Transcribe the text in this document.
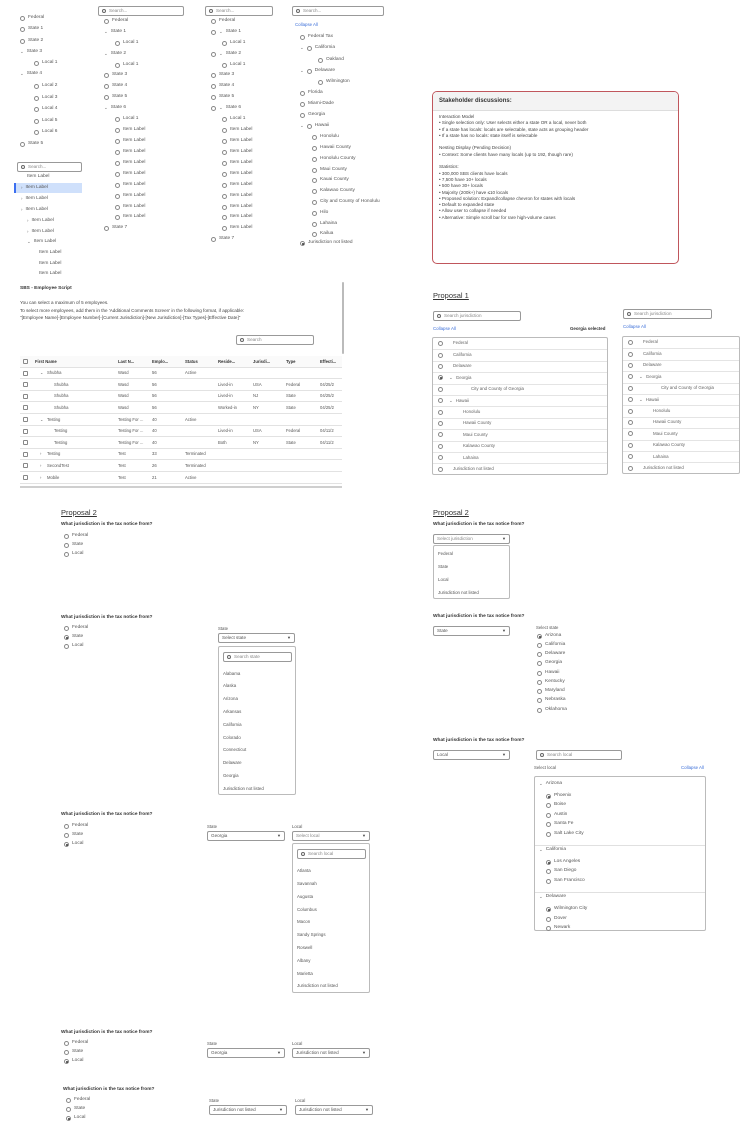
Federal
State 1
State 2
⌄ State 3
Local 1
⌄ State 4
Local 2
Local 3
Local 4
Local 5
Local 6
State 5
Search...
Federal
⌄ State 1
Local 1
⌄ State 2
Local 1
State 3
State 4
State 5
⌄ State 6
Local 1
Item Label
Item Label
Item Label
Item Label
Item Label
Item Label
Item Label
Item Label
Item Label
State 7
Search...
Federal
⌄ State 1
Local 1
⌄ State 2
Local 1
State 3
State 4
State 5
⌄ State 6
Local 1
Item Label
Item Label
Item Label
Item Label
Item Label
Item Label
Item Label
Item Label
Item Label
Item Label
State 7
Search...
Collapse All
Federal Tax
⌄ California
Oakland
⌄ Delaware
Wilmington
Florida
Miami-Dade
Georgia
⌄ Hawaii
Honolulu
Hawaii County
Honolulu County
Maui County
Kauai County
Kalawao County
City and County of Honolulu
Hilo
Lahaina
Kailua
Jurisdiction not listed
Search...
Item Label
› Item Label
› Item Label
› Item Label
› Item Label
› Item Label
⌄ Item Label
Item Label
Item Label
Item Label
Stakeholder discussions:
Interaction Model
• Single selection only: User selects either a state OR a local, never both
• If a state has locals: locals are selectable, state acts as grouping header
• If a state has no locals: state itself is selectable
Nesting Display (Pending Decision)
• Context: Some clients have many locals (up to 192, though rare)
Statistics:
• 300,000 SBS clients have locals
• 7,500 have 10+ locals
• 500 have 30+ locals
• Majority (200k+) have ≤10 locals
• Proposed solution: Expand/collapse chevron for states with locals
• Default to expanded state
• Allow user to collapse if needed
• Alternative: Simple scroll bar for rare high-volume cases
SBS - Employee Script
You can select a maximum of 5 employees.
To select more employees, add them in the 'Additional Comments Screen' in the following format, if applicable:
"[Employee Name]-[Employee Number]-[Current Jurisdiction]-[New Jurisdiction]-[Tax Types]-[Effective Date]"
Search
First Name	Last N...	Emplo...	Status	Reside...	Jurisdi...	Type	Effecti...
⌄ Shubha	Wasd	56	Active
Shubha	Wasd	56	Lived-in	USA	Federal	04/25/2
Shubha	Wasd	56	Lived-in	NJ	State	04/25/2
Shubha	Wasd	56	Worked-in	NY	State	04/25/2
⌄ Testing	Testing For ... 40	Active
Testing	Testing For ... 40	Lived-in	USA	Federal	04/11/2
Testing	Testing For ... 40	Both	NY	State	04/11/2
› Testing	Test	33	Terminated
› SecondTest	Test	26	Terminated
› Mobile	Test	21	Active
Proposal 1
Search jurisdiction
Collapse All	Georgia selected
Federal
California
Delaware
⌄ Georgia
City and County of Georgia
⌄ Hawaii
Honolulu
Hawaii County
Maui County
Kalawao County
Lahaina
Jurisdiction not listed
Search jurisdiction
Collapse All
Federal
California
Delaware
⌄ Georgia
City and County of Georgia
⌄ Hawaii
Honolulu
Hawaii County
Maui County
Kalawao County
Lahaina
Jurisdiction not listed
Proposal 2
What jurisdiction is the tax notice from?
Federal
State
Local
What jurisdiction is the tax notice from?
Federal
State
Local
State
Select state	▼
Search state
Alabama
Alaska
Arizona
Arkansas
California
Colorado
Connecticut
Delaware
Georgia
Jurisdiction not listed
What jurisdiction is the tax notice from?
Federal
State
Local
State
Georgia	▼
Local
Select local	▼
Search local
Atlanta
Savannah
Augusta
Columbus
Macon
Sandy Springs
Roswell
Albany
Marietta
Jurisdiction not listed
What jurisdiction is the tax notice from?
Federal
State
Local
State
Georgia	▼
Local
Jurisdiction not listed	▼
What jurisdiction is the tax notice from?
Federal
State
Local
State
Jurisdiction not listed	▼
Local
Jurisdiction not listed	▼
Proposal 2
What jurisdiction is the tax notice from?
Select jurisdiction	▼
Federal
State
Local
Jurisdiction not listed
What jurisdiction is the tax notice from?
State	▼
Select state
Arizona
California
Delaware
Georgia
Hawaii
Kentucky
Maryland
Nebraska
Oklahoma
What jurisdiction is the tax notice from?
Local	▼	Search local
Select local	Collapse All
⌄ Arizona
Phoenix
Boise
Austin
Santa Fe
Salt Lake City
⌄ California
Los Angeles
San Diego
San Francisco
⌄ Delaware
Wilmington City
Dover
Newark
